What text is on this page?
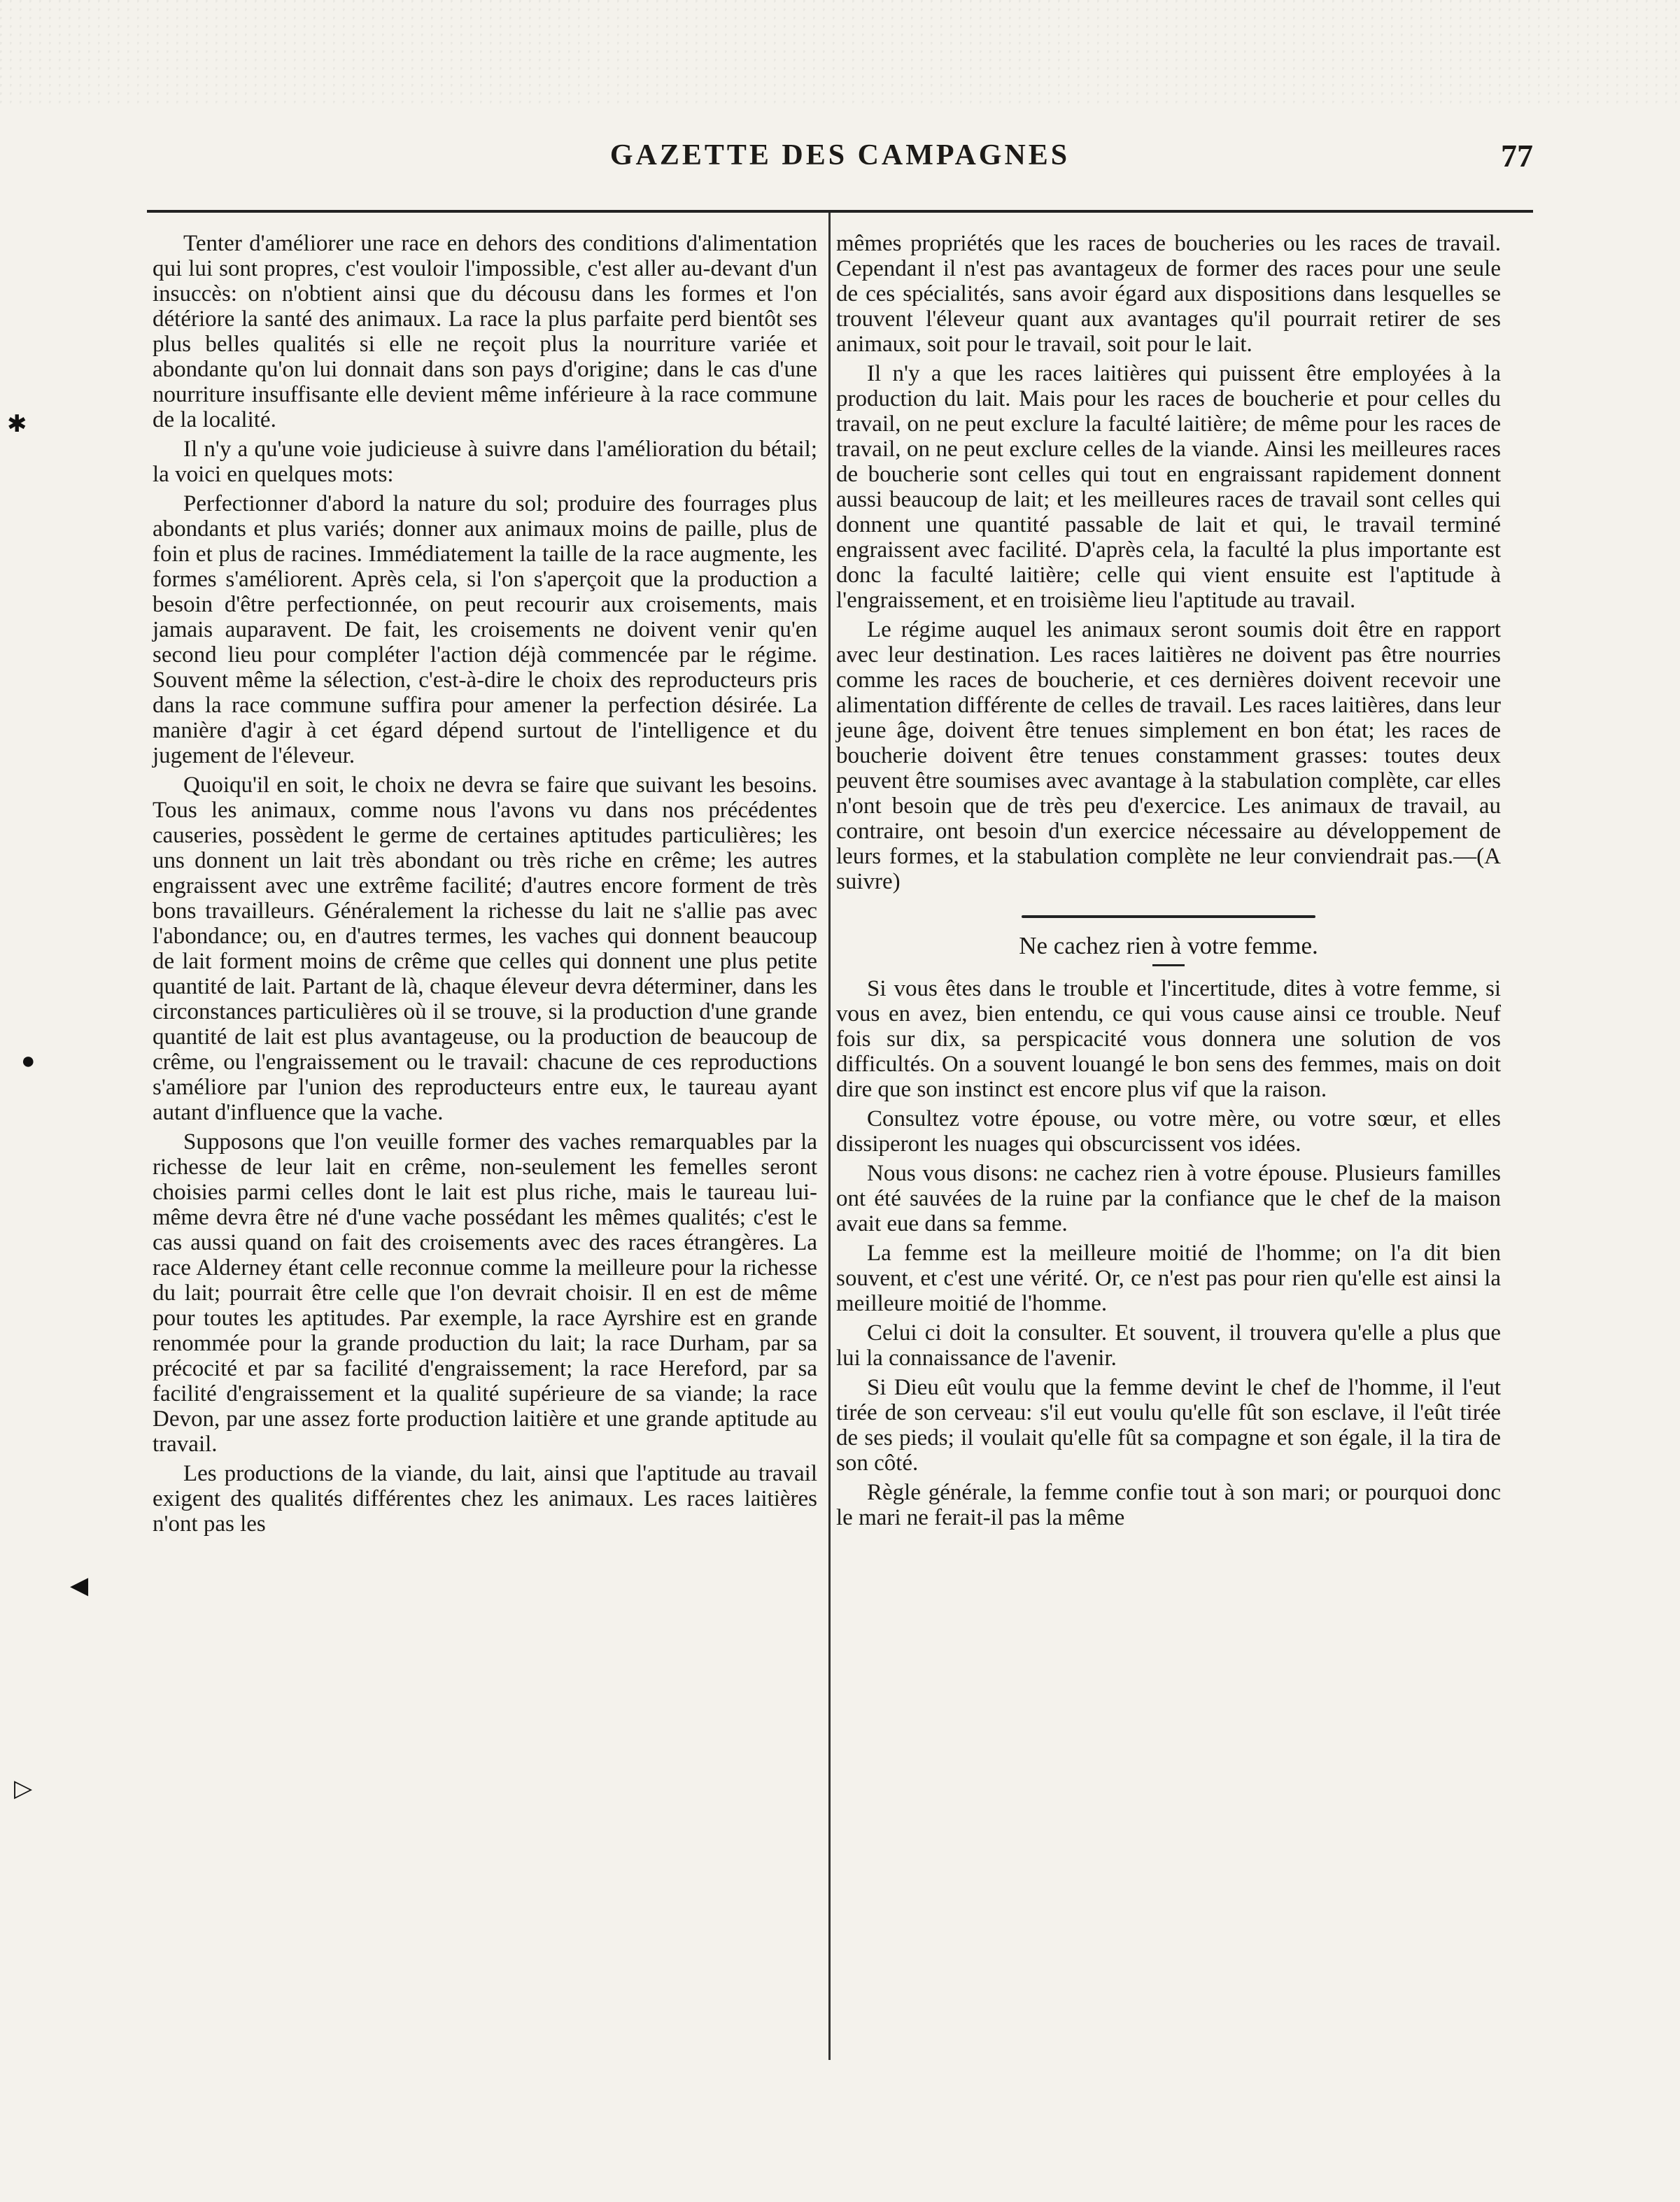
GAZETTE DES CAMPAGNES	77
✱
●
◀
▷

Tenter d'améliorer une race en dehors des conditions d'alimentation qui lui sont propres, c'est vouloir l'impossible, c'est aller au-devant d'un insuccès: on n'obtient ainsi que du décousu dans les formes et l'on détériore la santé des animaux. La race la plus parfaite perd bientôt ses plus belles qualités si elle ne reçoit plus la nourriture variée et abondante qu'on lui donnait dans son pays d'origine; dans le cas d'une nourriture insuffisante elle devient même inférieure à la race commune de la localité.

Il n'y a qu'une voie judicieuse à suivre dans l'amélioration du bétail; la voici en quelques mots:

Perfectionner d'abord la nature du sol; produire des fourrages plus abondants et plus variés; donner aux animaux moins de paille, plus de foin et plus de racines. Immédiatement la taille de la race augmente, les formes s'améliorent. Après cela, si l'on s'aperçoit que la production a besoin d'être perfectionnée, on peut recourir aux croisements, mais jamais auparavent. De fait, les croisements ne doivent venir qu'en second lieu pour compléter l'action déjà commencée par le régime. Souvent même la sélection, c'est-à-dire le choix des reproducteurs pris dans la race commune suffira pour amener la perfection désirée. La manière d'agir à cet égard dépend surtout de l'intelligence et du jugement de l'éleveur.

Quoiqu'il en soit, le choix ne devra se faire que suivant les besoins. Tous les animaux, comme nous l'avons vu dans nos précédentes causeries, possèdent le germe de certaines aptitudes particulières; les uns donnent un lait très abondant ou très riche en crême; les autres engraissent avec une extrême facilité; d'autres encore forment de très bons travailleurs. Généralement la richesse du lait ne s'allie pas avec l'abondance; ou, en d'autres termes, les vaches qui donnent beaucoup de lait forment moins de crême que celles qui donnent une plus petite quantité de lait. Partant de là, chaque éleveur devra déterminer, dans les circonstances particulières où il se trouve, si la production d'une grande quantité de lait est plus avantageuse, ou la production de beaucoup de crême, ou l'engraissement ou le travail: chacune de ces reproductions s'améliore par l'union des reproducteurs entre eux, le taureau ayant autant d'influence que la vache.

Supposons que l'on veuille former des vaches remarquables par la richesse de leur lait en crême, non-seulement les femelles seront choisies parmi celles dont le lait est plus riche, mais le taureau lui-même devra être né d'une vache possédant les mêmes qualités; c'est le cas aussi quand on fait des croisements avec des races étrangères. La race Alderney étant celle reconnue comme la meilleure pour la richesse du lait; pourrait être celle que l'on devrait choisir. Il en est de même pour toutes les aptitudes. Par exemple, la race Ayrshire est en grande renommée pour la grande production du lait; la race Durham, par sa précocité et par sa facilité d'engraissement; la race Hereford, par sa facilité d'engraissement et la qualité supérieure de sa viande; la race Devon, par une assez forte production laitière et une grande aptitude au travail.

Les productions de la viande, du lait, ainsi que l'aptitude au travail exigent des qualités différentes chez les animaux. Les races laitières n'ont pas les

mêmes propriétés que les races de boucheries ou les races de travail. Cependant il n'est pas avantageux de former des races pour une seule de ces spécialités, sans avoir égard aux dispositions dans lesquelles se trouvent l'éleveur quant aux avantages qu'il pourrait retirer de ses animaux, soit pour le travail, soit pour le lait.

Il n'y a que les races laitières qui puissent être employées à la production du lait. Mais pour les races de boucherie et pour celles du travail, on ne peut exclure la faculté laitière; de même pour les races de travail, on ne peut exclure celles de la viande. Ainsi les meilleures races de boucherie sont celles qui tout en engraissant rapidement donnent aussi beaucoup de lait; et les meilleures races de travail sont celles qui donnent une quantité passable de lait et qui, le travail terminé engraissent avec facilité. D'après cela, la faculté la plus importante est donc la faculté laitière; celle qui vient ensuite est l'aptitude à l'engraissement, et en troisième lieu l'aptitude au travail.

Le régime auquel les animaux seront soumis doit être en rapport avec leur destination. Les races laitières ne doivent pas être nourries comme les races de boucherie, et ces dernières doivent recevoir une alimentation différente de celles de travail. Les races laitières, dans leur jeune âge, doivent être tenues simplement en bon état; les races de boucherie doivent être tenues constamment grasses: toutes deux peuvent être soumises avec avantage à la stabulation complète, car elles n'ont besoin que de très peu d'exercice. Les animaux de travail, au contraire, ont besoin d'un exercice nécessaire au développement de leurs formes, et la stabulation complète ne leur conviendrait pas.—(A suivre)

Ne cachez rien à votre femme.

Si vous êtes dans le trouble et l'incertitude, dites à votre femme, si vous en avez, bien entendu, ce qui vous cause ainsi ce trouble. Neuf fois sur dix, sa perspicacité vous donnera une solution de vos difficultés. On a souvent louangé le bon sens des femmes, mais on doit dire que son instinct est encore plus vif que la raison.

Consultez votre épouse, ou votre mère, ou votre sœur, et elles dissiperont les nuages qui obscurcissent vos idées.

Nous vous disons: ne cachez rien à votre épouse. Plusieurs familles ont été sauvées de la ruine par la confiance que le chef de la maison avait eue dans sa femme.

La femme est la meilleure moitié de l'homme; on l'a dit bien souvent, et c'est une vérité. Or, ce n'est pas pour rien qu'elle est ainsi la meilleure moitié de l'homme.

Celui ci doit la consulter. Et souvent, il trouvera qu'elle a plus que lui la connaissance de l'avenir.

Si Dieu eût voulu que la femme devint le chef de l'homme, il l'eut tirée de son cerveau: s'il eut voulu qu'elle fût son esclave, il l'eût tirée de ses pieds; il voulait qu'elle fût sa compagne et son égale, il la tira de son côté.

Règle générale, la femme confie tout à son mari; or pourquoi donc le mari ne ferait-il pas la même
